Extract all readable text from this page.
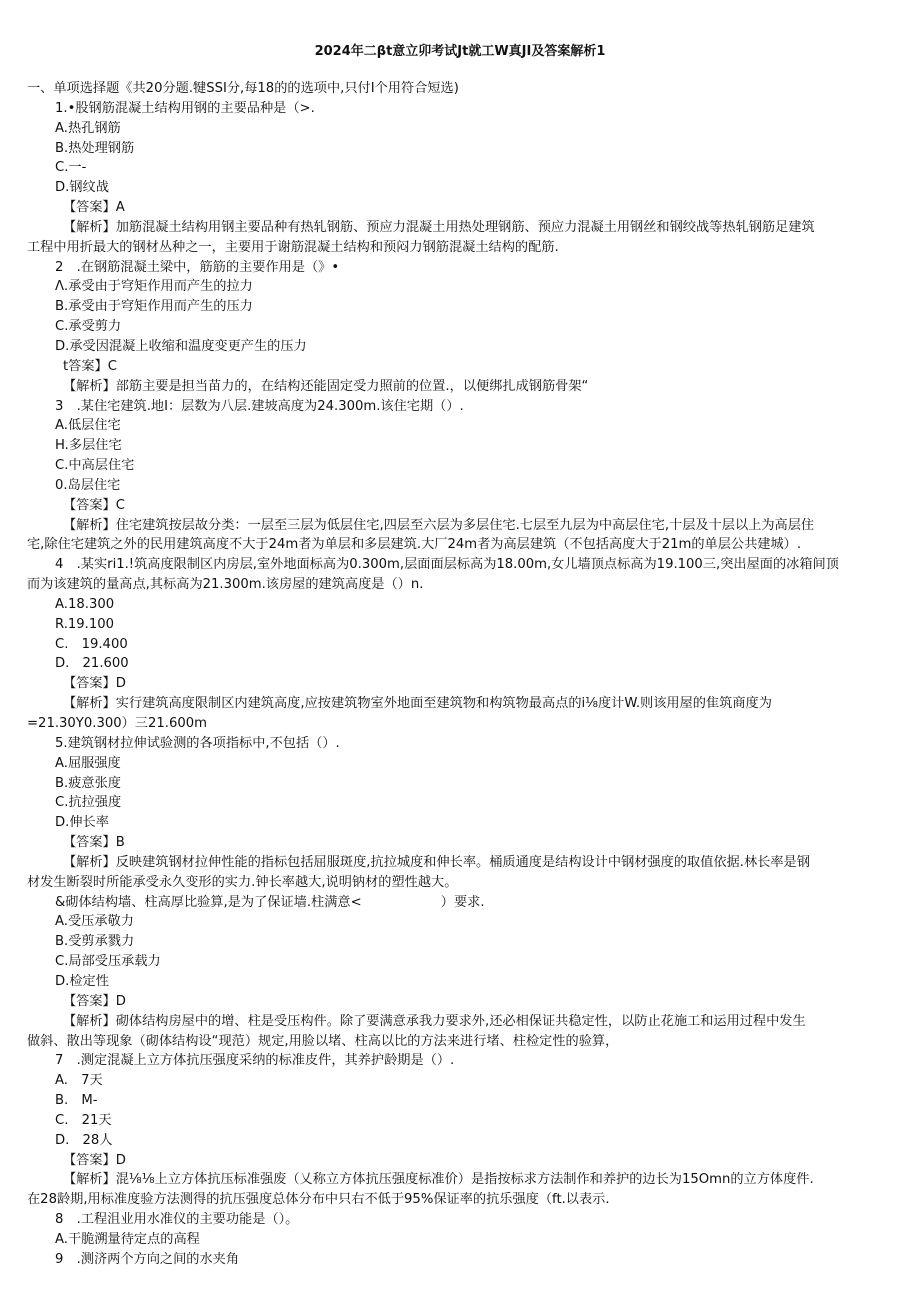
2024年二βt意立卯考试Jt就工W真JI及答案解析1
一、单项选择题《共20分题.犍SSI分,每18的的选项中,只付I个用符合短选)
1.•股钢筋混凝土结构用钢的主要品种是（>.
A.热孔钢筋
B.热处理钢筋
C.一-
D.钢纹战
【答案】A
【解析】加筋混凝土结构用钢主要品种有热轧钢筋、预应力混凝土用热处理钢筋、预应力混凝土用钢丝和钢绞战等热轧钢筋足建筑
工程中用折最大的钢材丛种之一，主要用于谢筋混凝土结构和预闷力钢筋混凝土结构的配筋.
2　.在钢筋混凝土梁中，筋筋的主要作用是（》•
Λ.承受由于穹矩作用而产生的拉力
B.承受由于穹矩作用而产生的压力
C.承受剪力
D.承受因混凝上收缩和温度变更产生的压力
t答案】C
【解析】部筋主要是担当苗力的，在结构还能固定受力照前的位置.，以便绑扎成钢筋骨架“
3　.某住宅建筑.地I：层数为八层.建坡高度为24.300m.该住宅期（）.
A.低层住宅
H.多层住宅
C.中高层住宅
0.岛层住宅
【答案】C
【解析】住宅建筑按层故分类：一层至三层为低层住宅,四层至六层为多层住宅.七层至九层为中高层住宅,十层及十层以上为高层住
宅,除住宅建筑之外的民用建筑高度不大于24m者为单层和多层建筑.大厂24m者为高层建筑（不包括高度大于21m的单层公共建城）.
4　.某实ri1.!筑高度限制区内房层,室外地面标高为0.300m,层面面层标高为18.00m,女儿墙顶点标高为19.100三,突出屋面的冰箱间顶
而为该建筑的量高点,其标高为21.300m.该房屋的建筑高度是（）n.
A.18.300
R.19.100
C.　19.400
D.　21.600
【答案】D
【解析】实行建筑高度限制区内建筑高度,应按建筑物室外地面至建筑物和构筑物最高点的i⅛度计W.则该用屋的隹筑商度为
=21.30Y0.300）三21.600m
5.建筑钢材拉伸试验测的各项指标中,不包括（）.
A.屈服强度
B.疲意张度
C.抗拉强度
D.伸长率
【答案】B
【解析】反映建筑钢材拉伸性能的指标包括屈服斑度,抗拉城度和伸长率。桶质通度是结构设计中钢材强度的取值依据.林长率是钢
材发生断裂时所能承受永久变形的实力.钟长率越大,说明钠材的塑性越大。
&砌体结构墙、柱高厚比验算,是为了保证墙.柱满意<　　　　　　）要求.
A.受压承敬力
B.受剪承戮力
C.局部受压承载力
D.检定性
【答案】D
【解析】砌体结构房屋中的增、柱是受压构件。除了要满意承我力要求外,还必相保证共稳定性，以防止花施工和运用过程中发生
做斜、散出等现象（砌体结构设“现范）规定,用脸以堵、柱高以比的方法来进行堵、柱检定性的验算，
7　.测定混凝上立方体抗压强度采纳的标准皮件，其养护龄期是（）.
A.　7天
B.　M-
C.　21天
D.　28人
【答案】D
【解析】混⅛⅛上立方体抗压标准强废（乂称立方体抗压强度标准价）是指按标求方法制作和养护的边长为15Omn的立方体度件.
在28龄期,用标准度验方法测得的抗压强度总体分布中只右不低于95%保证率的抗乐强度（ft.以表示.
8　.工程沮业用水准仪的主要功能是（）。
A.干脆溯量待定点的高程
9　.测济两个方向之间的水夹角
